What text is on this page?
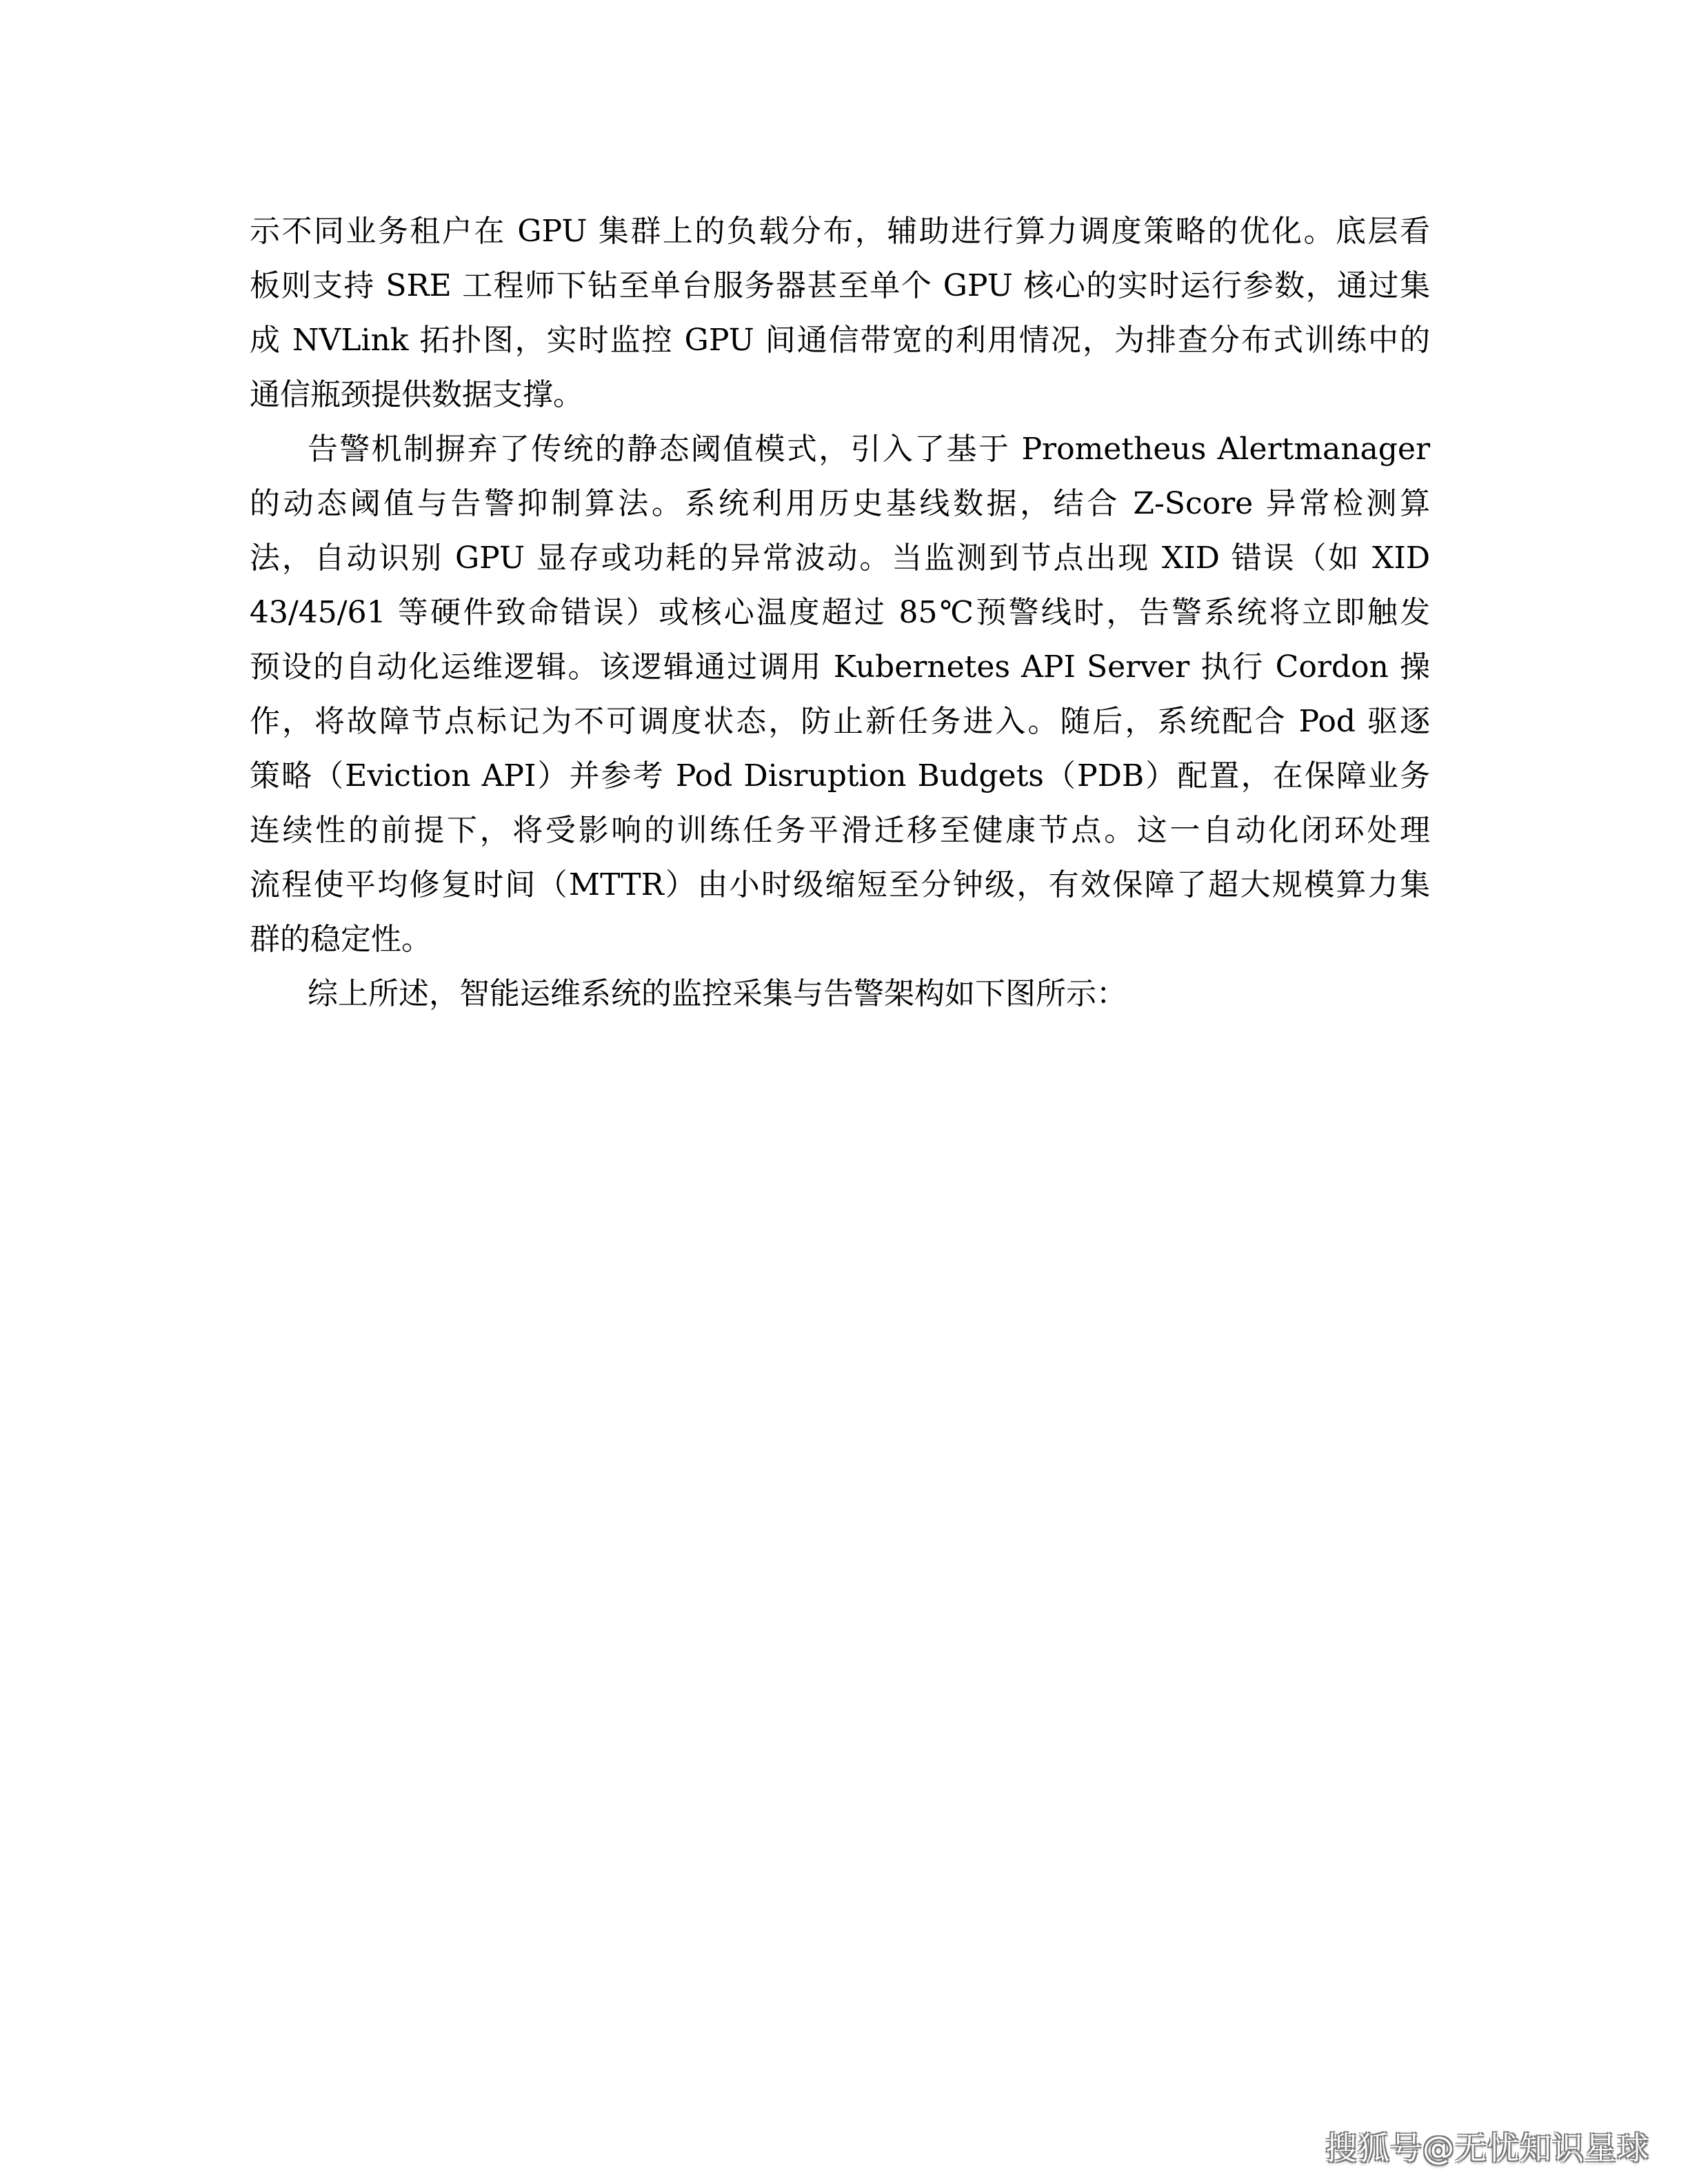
示不同业务租户在 GPU 集群上的负载分布，辅助进行算力调度策略的优化。底层看
板则支持 SRE 工程师下钻至单台服务器甚至单个 GPU 核心的实时运行参数，通过集
成 NVLink 拓扑图，实时监控 GPU 间通信带宽的利用情况，为排查分布式训练中的
通信瓶颈提供数据支撑。
告警机制摒弃了传统的静态阈值模式，引入了基于 Prometheus Alertmanager
的动态阈值与告警抑制算法。系统利用历史基线数据，结合 Z-Score 异常检测算
法，自动识别 GPU 显存或功耗的异常波动。当监测到节点出现 XID 错误（如 XID
43/45/61 等硬件致命错误）或核心温度超过 85℃预警线时，告警系统将立即触发
预设的自动化运维逻辑。该逻辑通过调用 Kubernetes API Server 执行 Cordon 操
作，将故障节点标记为不可调度状态，防止新任务进入。随后，系统配合 Pod 驱逐
策略（Eviction API）并参考 Pod Disruption Budgets（PDB）配置，在保障业务
连续性的前提下，将受影响的训练任务平滑迁移至健康节点。这一自动化闭环处理
流程使平均修复时间（MTTR）由小时级缩短至分钟级，有效保障了超大规模算力集
群的稳定性。
综上所述，智能运维系统的监控采集与告警架构如下图所示：
搜狐号@无忧知识星球
